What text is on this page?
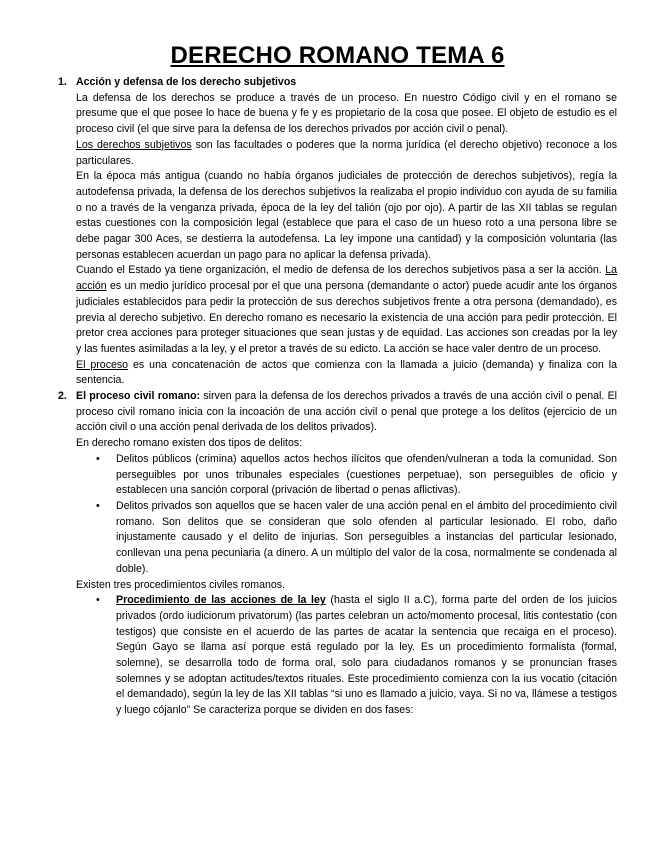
DERECHO ROMANO TEMA 6
1. Acción y defensa de los derecho subjetivos

La defensa de los derechos se produce a través de un proceso. En nuestro Código civil y en el romano se presume que el que posee lo hace de buena y fe y es propietario de la cosa que posee. El objeto de estudio es el proceso civil (el que sirve para la defensa de los derechos privados por acción civil o penal).

Los derechos subjetivos son las facultades o poderes que la norma jurídica (el derecho objetivo) reconoce a los particulares.

En la época más antigua (cuando no había órganos judiciales de protección de derechos subjetivos), regía la autodefensa privada, la defensa de los derechos subjetivos la realizaba el propio individuo con ayuda de su familia o no a través de la venganza privada, época de la ley del talión (ojo por ojo). A partir de las XII tablas se regulan estas cuestiones con la composición legal (establece que para el caso de un hueso roto a una persona libre se debe pagar 300 Aces, se destierra la autodefensa. La ley impone una cantidad) y la composición voluntaria (las personas establecen acuerdan un pago para no aplicar la defensa privada).

Cuando el Estado ya tiene organización, el medio de defensa de los derechos subjetivos pasa a ser la acción. La acción es un medio jurídico procesal por el que una persona (demandante o actor) puede acudir ante los órganos judiciales establecidos para pedir la protección de sus derechos subjetivos frente a otra persona (demandado), es previa al derecho subjetivo. En derecho romano es necesario la existencia de una acción para pedir protección. El pretor crea acciones para proteger situaciones que sean justas y de equidad. Las acciones son creadas por la ley y las fuentes asimiladas a la ley, y el pretor a través de su edicto. La acción se hace valer dentro de un proceso.

El proceso es una concatenación de actos que comienza con la llamada a juicio (demanda) y finaliza con la sentencia.

2. El proceso civil romano: sirven para la defensa de los derechos privados a través de una acción civil o penal. El proceso civil romano inicia con la incoación de una acción civil o penal que protege a los delitos (ejercicio de un acción civil o una acción penal derivada de los delitos privados).

En derecho romano existen dos tipos de delitos:

• Delitos públicos (crimina) aquellos actos hechos ilícitos que ofenden/vulneran a toda la comunidad. Son perseguibles por unos tribunales especiales (cuestiones perpetuae), son perseguibles de oficio y establecen una sanción corporal (privación de libertad o penas aflictivas).

• Delitos privados son aquellos que se hacen valer de una acción penal en el ámbito del procedimiento civil romano. Son delitos que se consideran que solo ofenden al particular lesionado. El robo, daño injustamente causado y el delito de injurias. Son perseguibles a instancias del particular lesionado, conllevan una pena pecuniaria (a dinero. A un múltiplo del valor de la cosa, normalmente se condenada al doble).

Existen tres procedimientos civiles romanos.

• Procedimiento de las acciones de la ley (hasta el siglo II a.C), forma parte del orden de los juicios privados (ordo iudiciorum privatorum) (las partes celebran un acto/momento procesal, litis contestatio (con testigos) que consiste en el acuerdo de las partes de acatar la sentencia que recaiga en el proceso). Según Gayo se llama así porque está regulado por la ley. Es un procedimiento formalista (formal, solemne), se desarrolla todo de forma oral, solo para ciudadanos romanos y se pronuncian frases solemnes y se adoptan actitudes/textos rituales. Este procedimiento comienza con la ius vocatio (citación el demandado), según la ley de las XII tablas “si uno es llamado a juicio, vaya. Si no va, llámese a testigos y luego cójanlo” Se caracteriza porque se dividen en dos fases:
